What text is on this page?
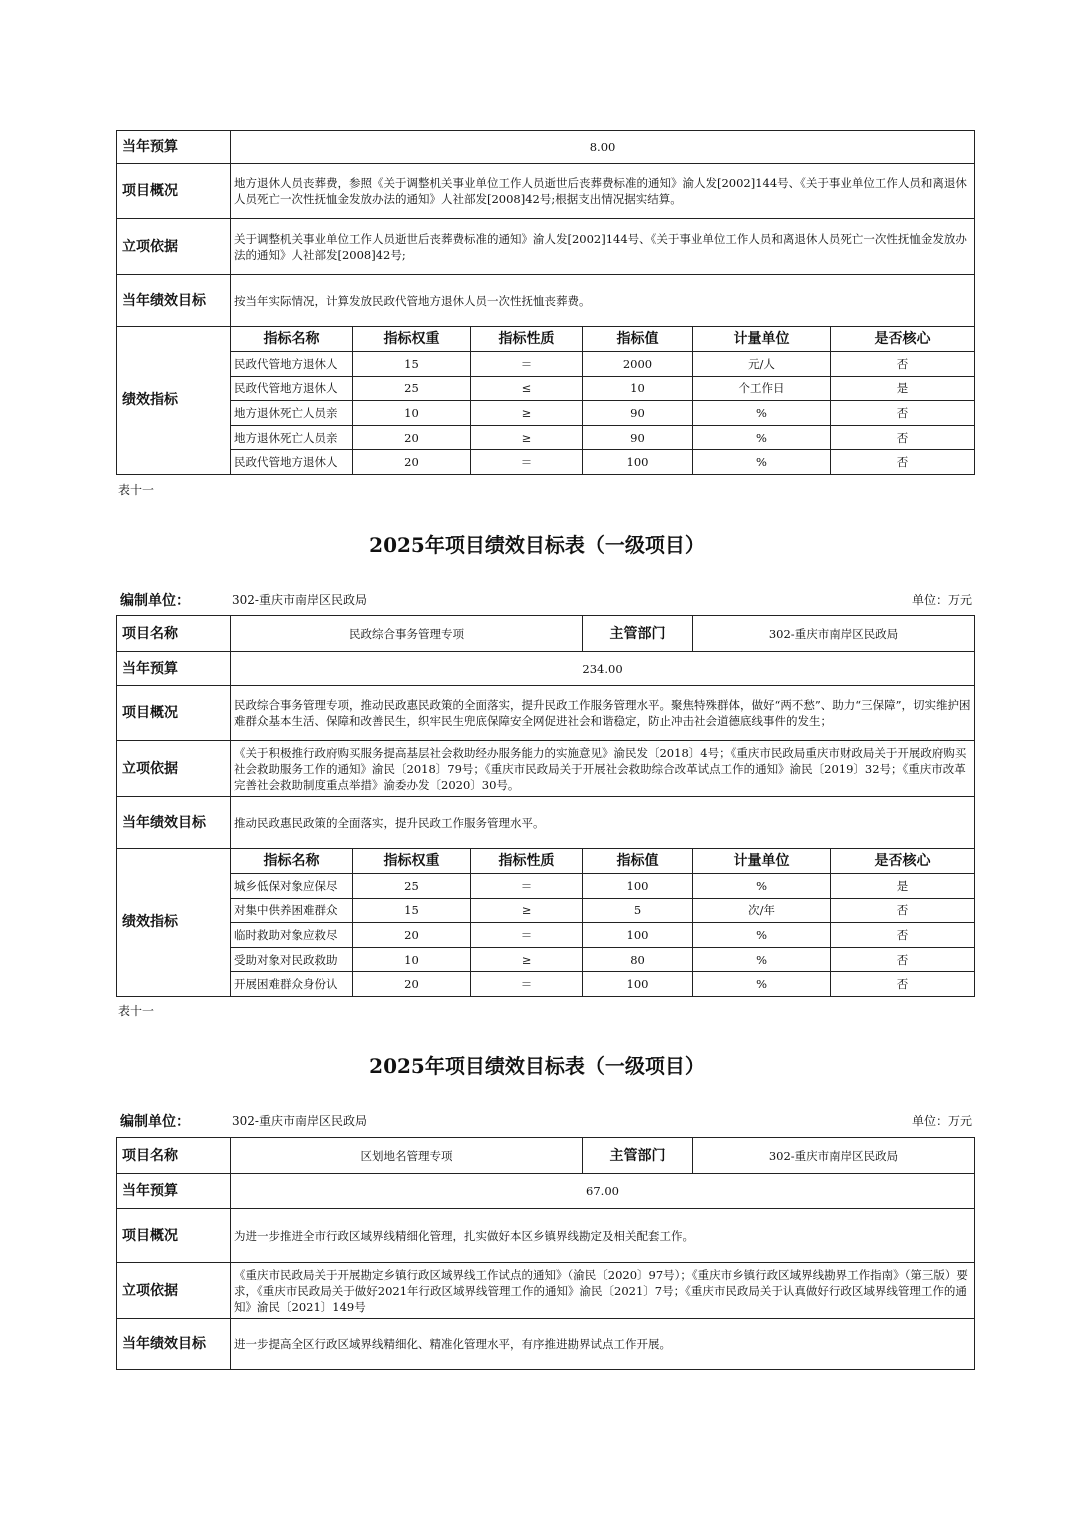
当年预算	8.00					
项目概况	地方退休人员丧葬费，参照《关于调整机关事业单位工作人员逝世后丧葬费标准的通知》渝人发[2002]144号、《关于事业单位工作人员和离退休人员死亡一次性抚恤金发放办法的通知》人社部发[2008]42号;根据支出情况据实结算。					
立项依据	关于调整机关事业单位工作人员逝世后丧葬费标准的通知》渝人发[2002]144号、《关于事业单位工作人员和离退休人员死亡一次性抚恤金发放办法的通知》人社部发[2008]42号;					
当年绩效目标	按当年实际情况，计算发放民政代管地方退休人员一次性抚恤丧葬费。					
绩效指标	指标名称	指标权重	指标性质	指标值	计量单位	是否核心
	民政代管地方退休人	15	＝	2000	元/人	否
	民政代管地方退休人	25	≤	10	个工作日	是
	地方退休死亡人员亲	10	≥	90	%	否
	地方退休死亡人员亲	20	≥	90	%	否
	民政代管地方退休人	20	＝	100	%	否
表十一
2025年项目绩效目标表（一级项目）
编制单位：	302-重庆市南岸区民政局	单位：万元
项目名称	民政综合事务管理专项			主管部门	302-重庆市南岸区民政局	
当年预算	234.00					
项目概况	民政综合事务管理专项，推动民政惠民政策的全面落实，提升民政工作服务管理水平。聚焦特殊群体，做好“两不愁”、助力“三保障”，切实维护困难群众基本生活、保障和改善民生，织牢民生兜底保障安全网促进社会和谐稳定，防止冲击社会道德底线事件的发生；					
立项依据	《关于积极推行政府购买服务提高基层社会救助经办服务能力的实施意见》渝民发〔2018〕4号；《重庆市民政局重庆市财政局关于开展政府购买社会救助服务工作的通知》渝民〔2018〕79号；《重庆市民政局关于开展社会救助综合改革试点工作的通知》渝民〔2019〕32号；《重庆市改革完善社会救助制度重点举措》渝委办发〔2020〕30号。					
当年绩效目标	推动民政惠民政策的全面落实，提升民政工作服务管理水平。					
绩效指标	指标名称	指标权重	指标性质	指标值	计量单位	是否核心
	城乡低保对象应保尽	25	＝	100	%	是
	对集中供养困难群众	15	≥	5	次/年	否
	临时救助对象应救尽	20	＝	100	%	否
	受助对象对民政救助	10	≥	80	%	否
	开展困难群众身份认	20	＝	100	%	否
表十一
2025年项目绩效目标表（一级项目）
编制单位：	302-重庆市南岸区民政局	单位：万元
项目名称	区划地名管理专项	主管部门	302-重庆市南岸区民政局
当年预算	67.00		
项目概况	为进一步推进全市行政区域界线精细化管理，扎实做好本区乡镇界线勘定及相关配套工作。		
立项依据	《重庆市民政局关于开展勘定乡镇行政区域界线工作试点的通知》（渝民〔2020〕97号）；《重庆市乡镇行政区域界线勘界工作指南》（第三版）要求，《重庆市民政局关于做好2021年行政区域界线管理工作的通知》渝民〔2021〕7号；《重庆市民政局关于认真做好行政区域界线管理工作的通知》渝民〔2021〕149号		
当年绩效目标	进一步提高全区行政区域界线精细化、精准化管理水平，有序推进勘界试点工作开展。		
